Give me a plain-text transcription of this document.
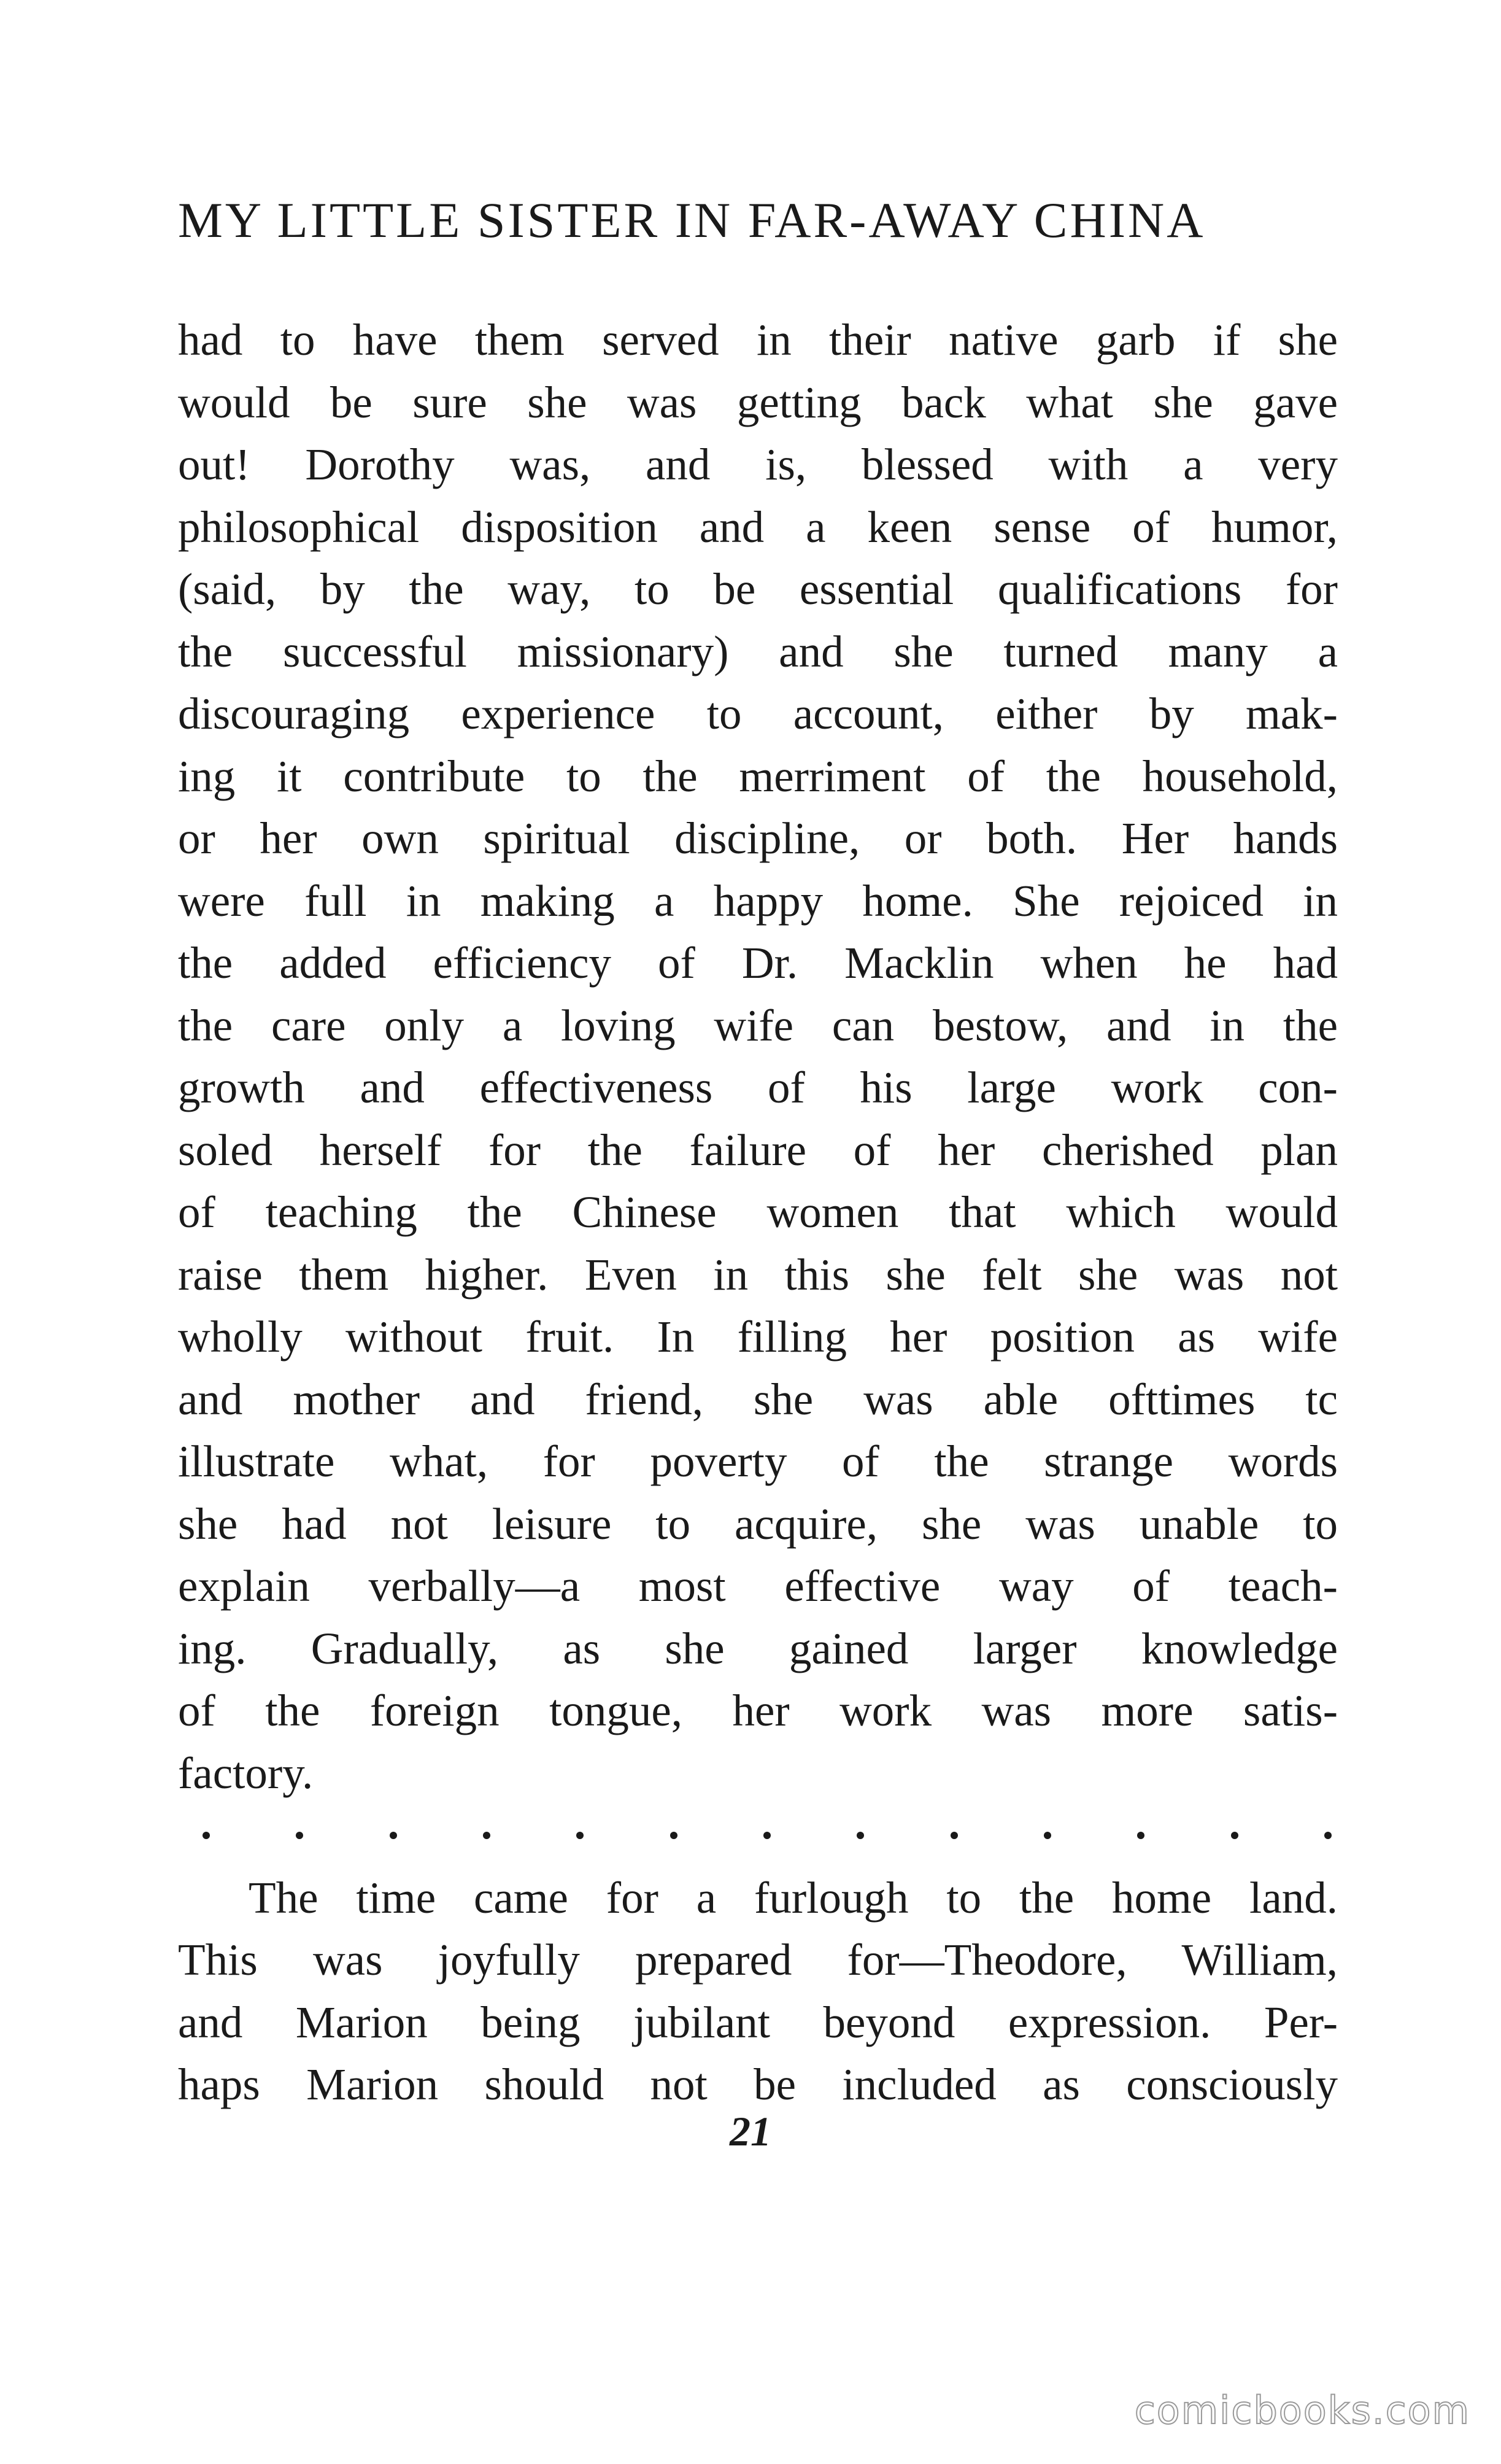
MY LITTLE SISTER IN FAR-AWAY CHINA
had to have them served in their native garb if she
would be sure she was getting back what she gave
out! Dorothy was, and is, blessed with a very
philosophical disposition and a keen sense of humor,
(said, by the way, to be essential qualifications for
the successful missionary) and she turned many a
discouraging experience to account, either by mak-
ing it contribute to the merriment of the household,
or her own spiritual discipline, or both. Her hands
were full in making a happy home. She rejoiced in
the added efficiency of Dr. Macklin when he had
the care only a loving wife can bestow, and in the
growth and effectiveness of his large work con-
soled herself for the failure of her cherished plan
of teaching the Chinese women that which would
raise them higher. Even in this she felt she was not
wholly without fruit. In filling her position as wife
and mother and friend, she was able ofttimes tc
illustrate what, for poverty of the strange words
she had not leisure to acquire, she was unable to
explain verbally—a most effective way of teach-
ing. Gradually, as she gained larger knowledge
of the foreign tongue, her work was more satis-
factory.
The time came for a furlough to the home land.
This was joyfully prepared for—Theodore, William,
and Marion being jubilant beyond expression. Per-
haps Marion should not be included as consciously
21
comicbooks.com
